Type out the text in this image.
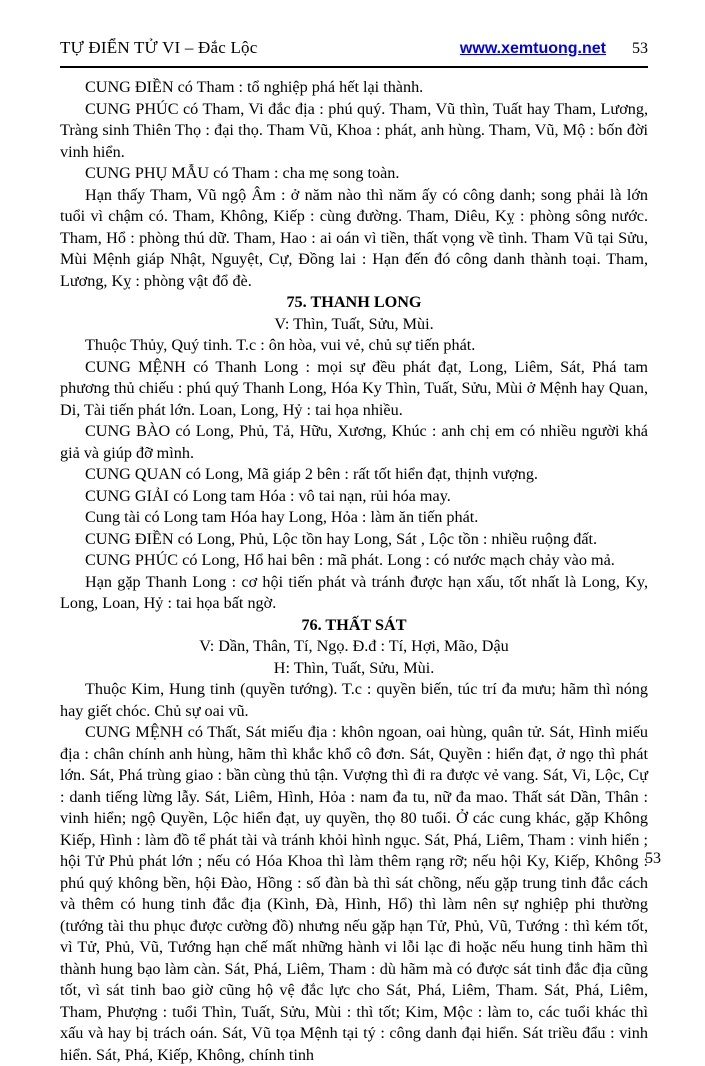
TỰ ĐIỂN TỬ VI – Đắc Lộc	www.xemtuong.net 53

CUNG ĐIỀN có Tham : tổ nghiệp phá hết lại thành.

CUNG PHÚC có Tham, Vi đắc địa : phú quý. Tham, Vũ thìn, Tuất hay Tham, Lương, Tràng sinh Thiên Thọ : đại thọ. Tham Vũ, Khoa : phát, anh hùng. Tham, Vũ, Mộ : bốn đời vinh hiển.

CUNG PHỤ MẪU có Tham : cha mẹ song toàn.

Hạn thấy Tham, Vũ ngộ Âm : ở năm nào thì năm ấy có công danh; song phải là lớn tuổi vì chậm có. Tham, Không, Kiếp : cùng đường. Tham, Diêu, Kỵ : phòng sông nước. Tham, Hổ : phòng thú dữ. Tham, Hao : ai oán vì tiền, thất vọng về tình. Tham Vũ tại Sửu, Mùi Mệnh giáp Nhật, Nguyệt, Cự, Đồng lai : Hạn đến đó công danh thành toại. Tham, Lương, Kỵ : phòng vật đổ đè.

75. THANH LONG

V: Thìn, Tuất, Sửu, Mùi.

Thuộc Thủy, Quý tinh. T.c : ôn hòa, vui vẻ, chủ sự tiến phát.

CUNG MỆNH có Thanh Long : mọi sự đều phát đạt, Long, Liêm, Sát, Phá tam phương thủ chiếu : phú quý Thanh Long, Hóa Ky Thìn, Tuất, Sửu, Mùi ở Mệnh hay Quan, Di, Tài tiến phát lớn. Loan, Long, Hỷ : tai họa nhiều.

CUNG BÀO có Long, Phủ, Tả, Hữu, Xương, Khúc : anh chị em có nhiều người khá giả và giúp đỡ mình.

CUNG QUAN có Long, Mã giáp 2 bên : rất tốt hiển đạt, thịnh vượng.

CUNG GIẢI có Long tam Hóa : vô tai nạn, rủi hóa may.

Cung tài có Long tam Hóa hay Long, Hỏa : làm ăn tiến phát.

CUNG ĐIỀN có Long, Phủ, Lộc tồn hay Long, Sát , Lộc tồn : nhiều ruộng đất.

CUNG PHÚC có Long, Hổ hai bên : mã phát. Long : có nước mạch chảy vào mả.

Hạn gặp Thanh Long : cơ hội tiến phát và tránh được hạn xấu, tốt nhất là Long, Ky, Long, Loan, Hỷ : tai họa bất ngờ.

76. THẤT SÁT

V: Dần, Thân, Tí, Ngọ. Đ.đ : Tí, Hợi, Mão, Dậu

H: Thìn, Tuất, Sửu, Mùi.

Thuộc Kim, Hung tinh (quyền tướng). T.c : quyền biến, túc trí đa mưu; hãm thì nóng hay giết chóc. Chủ sự oai vũ.

CUNG MỆNH có Thất, Sát miếu địa : khôn ngoan, oai hùng, quân tử. Sát, Hình miếu địa : chân chính anh hùng, hãm thì khắc khổ cô đơn. Sát, Quyền : hiển đạt, ở ngọ thì phát lớn. Sát, Phá trùng giao : bần cùng thủ tận. Vượng thì đi ra được vẻ vang. Sát, Vi, Lộc, Cự : danh tiếng lừng lẫy. Sát, Liêm, Hình, Hỏa : nam đa tu, nữ đa mao. Thất sát Dần, Thân : vinh hiển; ngộ Quyền, Lộc hiển đạt, uy quyền, thọ 80 tuổi. Ở các cung khác, gặp Không Kiếp, Hình : làm đồ tể phát tài và tránh khỏi hình ngục. Sát, Phá, Liêm, Tham : vinh hiển ; hội Tử Phủ phát lớn ; nếu có Hóa Khoa thì làm thêm rạng rỡ; nếu hội Ky, Kiếp, Không : phú quý không bền, hội Đào, Hồng : số đàn bà thì sát chồng, nếu gặp trung tinh đắc cách và thêm có hung tinh đắc địa (Kình, Đà, Hình, Hổ) thì làm nên sự nghiệp phi thường (tướng tài thu phục được cường đồ) nhưng nếu gặp hạn Tử, Phủ, Vũ, Tướng : thì kém tốt, vì Tử, Phủ, Vũ, Tướng hạn chế mất những hành vi lỗi lạc đi hoặc nếu hung tinh hãm thì thành hung bạo làm càn. Sát, Phá, Liêm, Tham : dù hãm mà có được sát tinh đắc địa cũng tốt, vì sát tinh bao giờ cũng hộ vệ đắc lực cho Sát, Phá, Liêm, Tham. Sát, Phá, Liêm, Tham, Phượng : tuổi Thìn, Tuất, Sửu, Mùi : thì tốt; Kim, Mộc : làm to, các tuổi khác thì xấu và hay bị trách oán. Sát, Vũ tọa Mệnh tại tý : công danh đại hiển. Sát triều đẩu : vinh hiển. Sát, Phá, Kiếp, Không, chính tinh

53
